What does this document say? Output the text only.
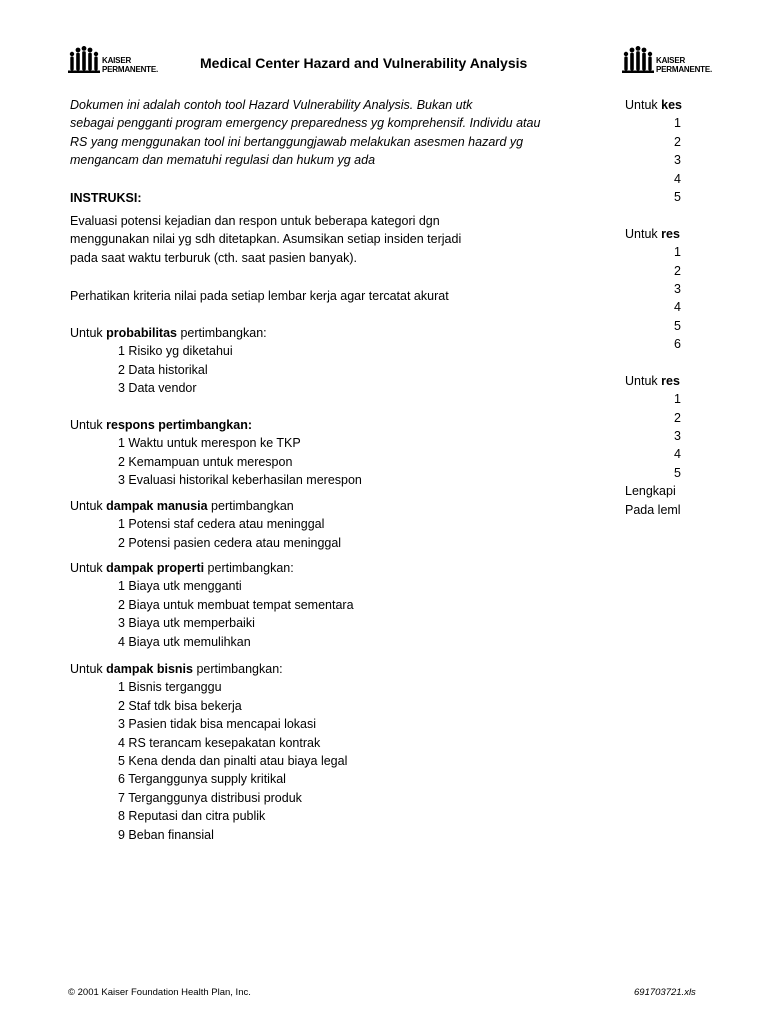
KAISER
PERMANENTE.	Medical Center Hazard and Vulnerability Analysis	KAISER
PERMANENTE.
Dokumen ini adalah contoh tool Hazard Vulnerability Analysis. Bukan utk
sebagai pengganti program emergency preparedness yg komprehensif. Individu atau
RS yang menggunakan tool ini bertanggungjawab melakukan asesmen hazard yg
mengancam dan mematuhi regulasi dan hukum yg ada
INSTRUKSI:
Evaluasi potensi kejadian dan respon untuk beberapa kategori dgn
menggunakan nilai yg sdh ditetapkan. Asumsikan setiap insiden terjadi
pada saat waktu terburuk (cth. saat pasien banyak).
Perhatikan kriteria nilai pada setiap lembar kerja agar tercatat akurat
Untuk probabilitas pertimbangkan:
1 Risiko yg diketahui
2 Data historikal
3 Data vendor
Untuk respons pertimbangkan:
1 Waktu untuk merespon ke TKP
2 Kemampuan untuk merespon
3 Evaluasi historikal keberhasilan merespon
Untuk dampak manusia pertimbangkan
1 Potensi staf cedera atau meninggal
2 Potensi pasien cedera atau meninggal
Untuk dampak properti pertimbangkan:
1 Biaya utk mengganti
2 Biaya untuk membuat tempat sementara
3 Biaya utk memperbaiki
4 Biaya utk memulihkan
Untuk dampak bisnis pertimbangkan:
1 Bisnis terganggu
2 Staf tdk bisa bekerja
3 Pasien tidak bisa mencapai lokasi
4 RS terancam kesepakatan kontrak
5 Kena denda dan pinalti atau biaya legal
6 Terganggunya supply kritikal
7 Terganggunya distribusi produk
8 Reputasi dan citra publik
9 Beban finansial
Untuk kes
1
2
3
4
5
Untuk res
1
2
3
4
5
6
Untuk res
1
2
3
4
5
Lengkapi
Pada leml
© 2001 Kaiser Foundation Health Plan, Inc.	691703721.xls
